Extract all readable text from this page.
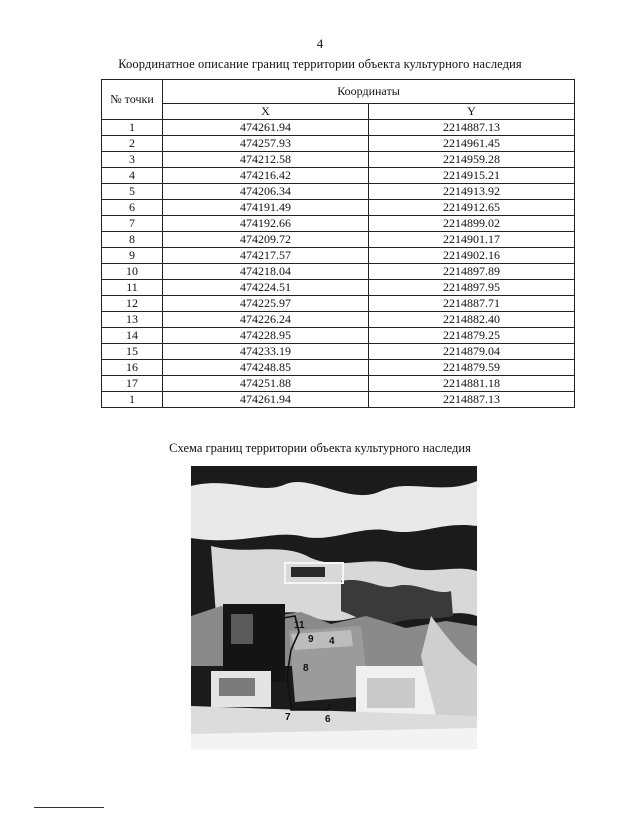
4
Координатное описание границ территории объекта культурного наследия
№ точки	Координаты	
	X	Y
1	474261.94	2214887.13
2	474257.93	2214961.45
3	474212.58	2214959.28
4	474216.42	2214915.21
5	474206.34	2214913.92
6	474191.49	2214912.65
7	474192.66	2214899.02
8	474209.72	2214901.17
9	474217.57	2214902.16
10	474218.04	2214897.89
11	474224.51	2214897.95
12	474225.97	2214887.71
13	474226.24	2214882.40
14	474228.95	2214879.25
15	474233.19	2214879.04
16	474248.85	2214879.59
17	474251.88	2214881.18
1	474261.94	2214887.13
Схема границ территории объекта культурного наследия
12 11
9 4
8
7	6
